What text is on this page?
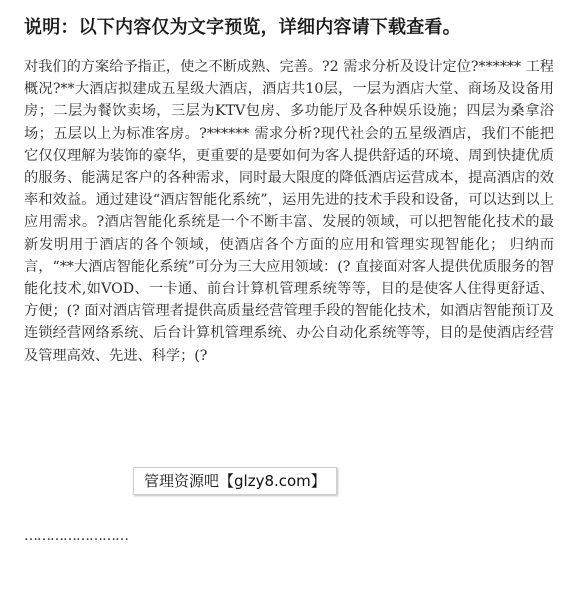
说明：以下内容仅为文字预览，详细内容请下载查看。
对我们的方案给予指正，使之不断成熟、完善。?2 需求分析及设计定位?****** 工程概况?**大酒店拟建成五星级大酒店，酒店共10层，一层为酒店大堂、商场及设备用房；二层为餐饮卖场，三层为KTV包房、多功能厅及各种娱乐设施；四层为桑拿浴场；五层以上为标准客房。?****** 需求分析?现代社会的五星级酒店，我们不能把它仅仅理解为装饰的豪华，更重要的是要如何为客人提供舒适的环境、周到快捷优质的服务、能满足客户的各种需求，同时最大限度的降低酒店运营成本，提高酒店的效率和效益。通过建设“酒店智能化系统”，运用先进的技术手段和设备，可以达到以上应用需求。?酒店智能化系统是一个不断丰富、发展的领域，可以把智能化技术的最新发明用于酒店的各个领域，使酒店各个方面的应用和管理实现智能化； 归纳而言，“**大酒店智能化系统”可分为三大应用领域：(? 直接面对客人提供优质服务的智能化技术,如VOD、一卡通、前台计算机管理系统等等，目的是使客人住得更舒适、方便；(? 面对酒店管理者提供高质量经营管理手段的智能化技术，如酒店智能预订及连锁经营网络系统、后台计算机管理系统、办公自动化系统等等，目的是使酒店经营及管理高效、先进、科学；(?
管理资源吧【glzy8.com】
……………………
